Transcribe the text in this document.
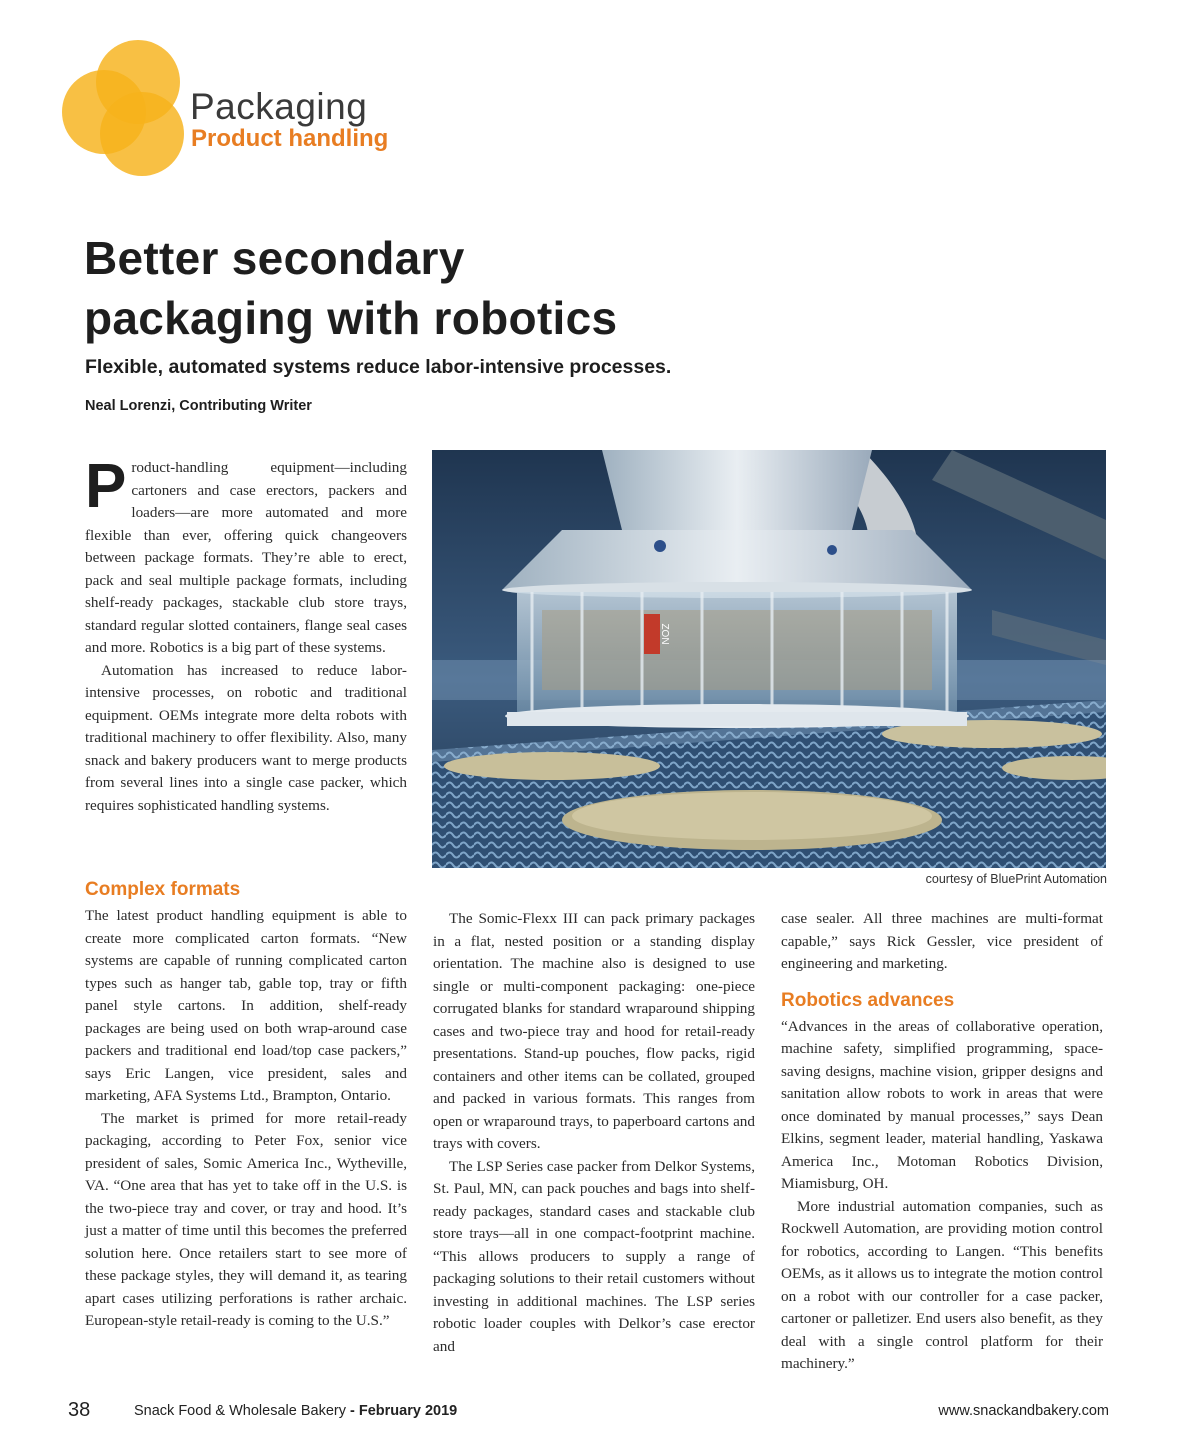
Packaging
Product handling
Better secondary
packaging with robotics
Flexible, automated systems reduce labor-intensive processes.
Neal Lorenzi, Contributing Writer

Product-handling equipment—including cartoners and case erectors, packers and loaders—are more automated and more flexible than ever, offering quick changeovers between package formats. They’re able to erect, pack and seal multiple package formats, including shelf-ready packages, stackable club store trays, standard regular slotted containers, flange seal cases and more. Robotics is a big part of these systems.

Automation has increased to reduce labor-intensive processes, on robotic and traditional equipment. OEMs integrate more delta robots with traditional machinery to offer flexibility. Also, many snack and bakery producers want to merge products from several lines into a single case packer, which requires sophisticated handling systems.

ZON
courtesy of BluePrint Automation
Complex formats

The latest product handling equipment is able to create more complicated carton formats. “New systems are capable of running complicated carton types such as hanger tab, gable top, tray or fifth panel style cartons. In addition, shelf-ready packages are being used on both wrap-around case packers and traditional end load/top case packers,” says Eric Langen, vice president, sales and marketing, AFA Systems Ltd., Brampton, Ontario.

The market is primed for more retail-ready packaging, according to Peter Fox, senior vice president of sales, Somic America Inc., Wytheville, VA. “One area that has yet to take off in the U.S. is the two-piece tray and cover, or tray and hood. It’s just a matter of time until this becomes the preferred solution here. Once retailers start to see more of these package styles, they will demand it, as tearing apart cases utilizing perforations is rather archaic. European-style retail-ready is coming to the U.S.”

The Somic-Flexx III can pack primary packages in a flat, nested position or a standing display orientation. The machine also is designed to use single or multi-component packaging: one-piece corrugated blanks for standard wraparound shipping cases and two-piece tray and hood for retail-ready presentations. Stand-up pouches, flow packs, rigid containers and other items can be collated, grouped and packed in various formats. This ranges from open or wraparound trays, to paperboard cartons and trays with covers.

The LSP Series case packer from Delkor Systems, St. Paul, MN, can pack pouches and bags into shelf-ready packages, standard cases and stackable club store trays—all in one compact-footprint machine. “This allows producers to supply a range of packaging solutions to their retail customers without investing in additional machines. The LSP series robotic loader couples with Delkor’s case erector and

case sealer. All three machines are multi-format capable,” says Rick Gessler, vice president of engineering and marketing.

Robotics advances

“Advances in the areas of collaborative operation, machine safety, simplified programming, space-saving designs, machine vision, gripper designs and sanitation allow robots to work in areas that were once dominated by manual processes,” says Dean Elkins, segment leader, material handling, Yaskawa America Inc., Motoman Robotics Division, Miamisburg, OH.

More industrial automation companies, such as Rockwell Automation, are providing motion control for robotics, according to Langen. “This benefits OEMs, as it allows us to integrate the motion control on a robot with our controller for a case packer, cartoner or palletizer. End users also benefit, as they deal with a single control platform for their machinery.”

38	Snack Food & Wholesale Bakery - February 2019	www.snackandbakery.com
